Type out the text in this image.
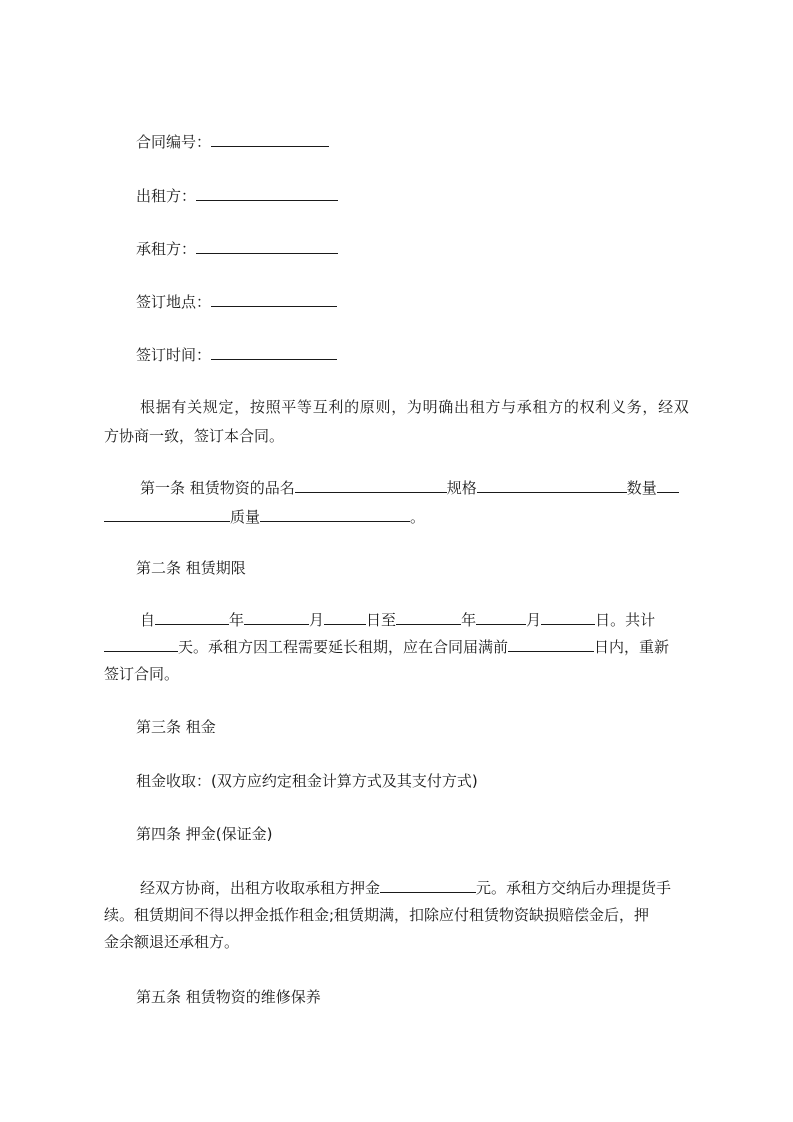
合同编号：
出租方：
承租方：
签订地点：
签订时间：
根据有关规定，按照平等互利的原则，为明确出租方与承租方的权利义务，经双
方协商一致，签订本合同。
第一条 租赁物资的品名	规格	数量
质量	。
第二条 租赁期限
自	年	月	日至	年	月	日。共计
天。承租方因工程需要延长租期，应在合同届满前	日内，重新
签订合同。
第三条 租金
租金收取：(双方应约定租金计算方式及其支付方式)
第四条 押金(保证金)
经双方协商，出租方收取承租方押金	元。承租方交纳后办理提货手
续。租赁期间不得以押金抵作租金;租赁期满，扣除应付租赁物资缺损赔偿金后，押
金余额退还承租方。
第五条 租赁物资的维修保养
